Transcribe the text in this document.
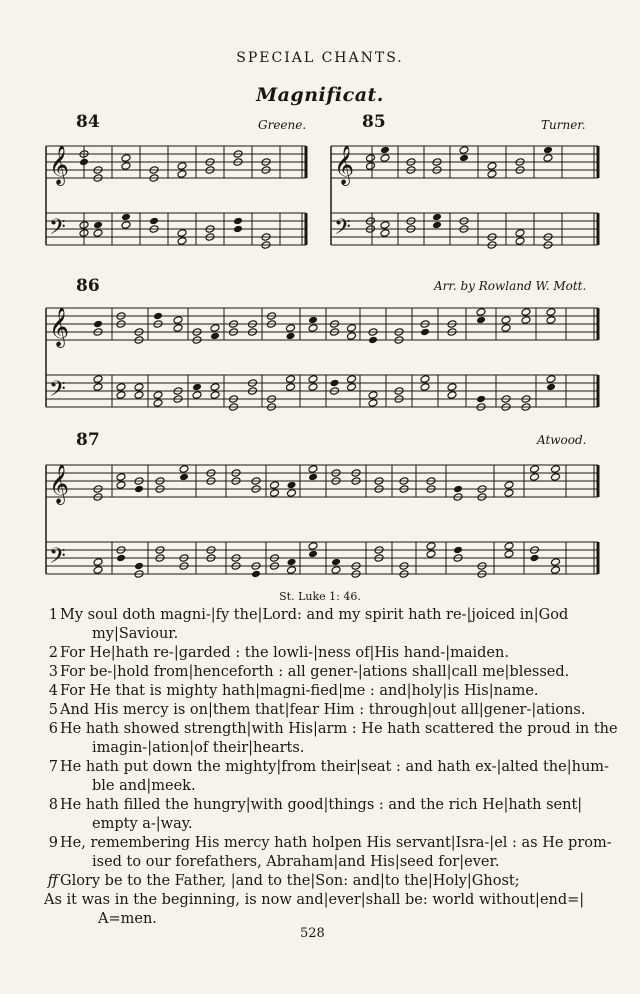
SPECIAL CHANTS.
Magnificat.
84	Greene.	85	Turner.
86	Arr. by Rowland W. Mott.
87	Atwood.
𝄞
𝄢
𝄞
𝄢
𝄞
𝄢
𝄞
𝄢
St. Luke 1: 46.
1 My soul doth magni-|fy the|Lord: and my spirit hath re-|joiced in|God
my|Saviour.
2 For He|hath re-|garded : the lowli-|ness of|His hand-|maiden.
3 For be-|hold from|henceforth : all gener-|ations shall|call me|blessed.
4 For He that is mighty hath|magni-fied|me : and|holy|is His|name.
5 And His mercy is on|them that|fear Him : through|out all|gener-|ations.
6 He hath showed strength|with His|arm : He hath scattered the proud in the
imagin-|ation|of their|hearts.
7 He hath put down the mighty|from their|seat : and hath ex-|alted the|hum-
ble and|meek.
8 He hath filled the hungry|with good|things : and the rich He|hath sent|
empty a-|way.
9 He, remembering His mercy hath holpen His servant|Isra-|el : as He prom-
ised to our forefathers, Abraham|and His|seed for|ever.
ff Glory be to the Father, |and to the|Son: and|to the|Holy|Ghost;
As it was in the beginning, is now and|ever|shall be: world without|end=|
A=men.
528
